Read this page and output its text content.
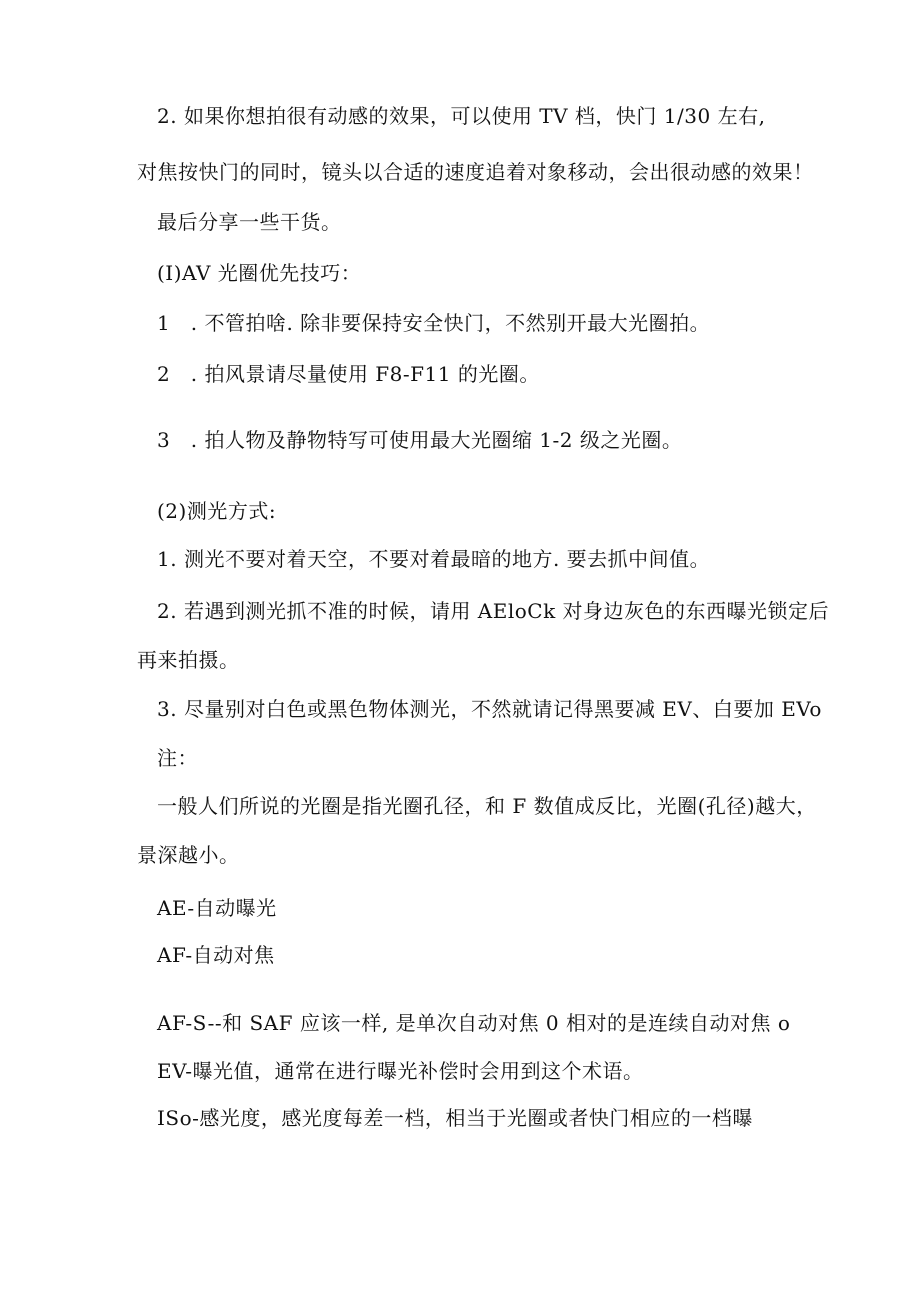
2. 如果你想拍很有动感的效果，可以使用 TV 档，快门 1/30 左右,
对焦按快门的同时，镜头以合适的速度追着对象移动，会出很动感的效果！
最后分享一些干货。
(I)AV 光圈优先技巧：
1　. 不管拍啥. 除非要保持安全快门，不然别开最大光圈拍。
2　. 拍风景请尽量使用 F8-F11 的光圈。
3　. 拍人物及静物特写可使用最大光圈缩 1-2 级之光圈。
(2)测光方式:
1. 测光不要对着天空，不要对着最暗的地方. 要去抓中间值。
2. 若遇到测光抓不准的时候，请用 AEloCk 对身边灰色的东西曝光锁定后
再来拍摄。
3. 尽量别对白色或黑色物体测光，不然就请记得黑要减 EV、白要加 EVo
注：
一般人们所说的光圈是指光圈孔径，和 F 数值成反比，光圈(孔径)越大，
景深越小。
AE-自动曝光
AF-自动对焦
AF-S--和 SAF 应该一样, 是单次自动对焦 0 相对的是连续自动对焦 o
EV-曝光值，通常在进行曝光补偿时会用到这个术语。
ISo-感光度，感光度每差一档，相当于光圈或者快门相应的一档曝
